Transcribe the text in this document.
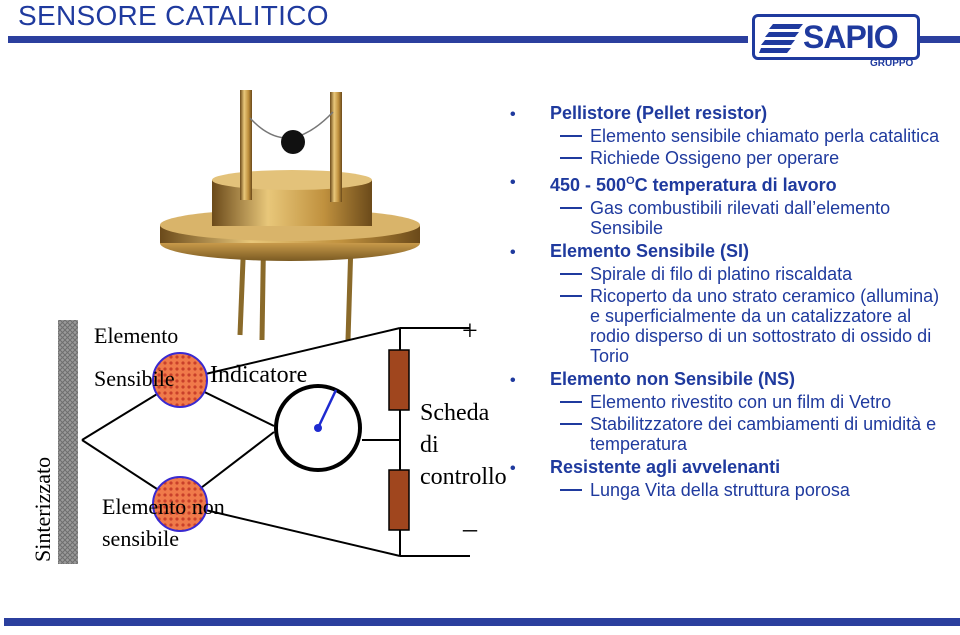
SENSORE CATALITICO
SAPIO
GRUPPO
Sinterizzato
Elemento
Sensibile Indicatore
Elemento non
sensibile
Scheda
di
controllo
+
_
• Pellistore (Pellet resistor)
Elemento sensibile chiamato perla catalitica
Richiede Ossigeno per operare
• $450 - 500^OC$ temperatura di lavoro
Gas combustibili rilevati dall’elemento Sensibile
• Elemento Sensibile (SI)
Spirale di filo di platino riscaldata
Ricoperto da uno strato ceramico (allumina) e superficialmente da un catalizzatore al rodio disperso di un sottostrato di ossido di Torio
• Elemento non Sensibile (NS)
Elemento rivestito con un film di Vetro
Stabilitzzatore dei cambiamenti di umidità e temperatura
• Resistente agli avvelenanti
Lunga Vita della struttura porosa
